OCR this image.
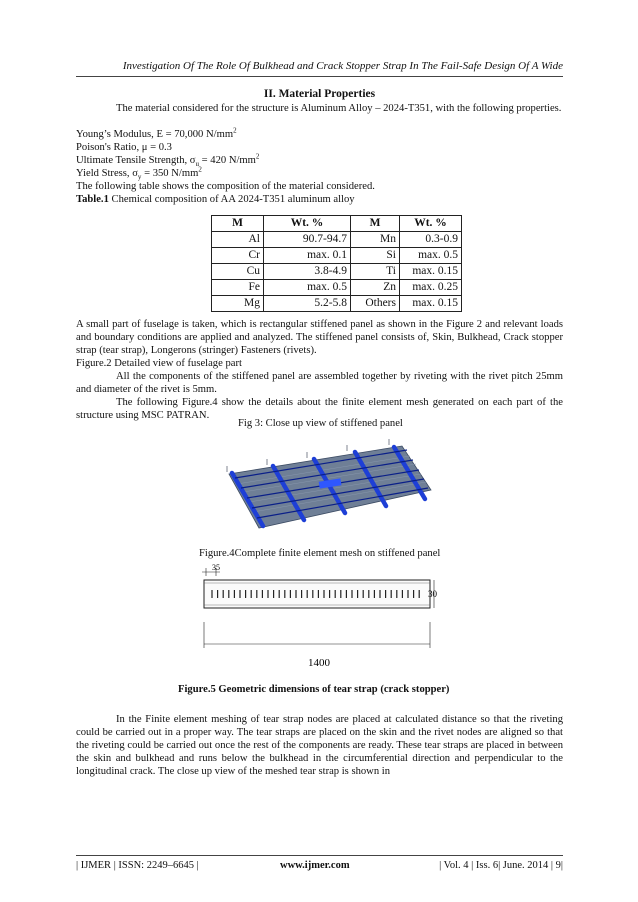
Investigation Of The Role Of Bulkhead and Crack Stopper Strap In The Fail-Safe Design Of A Wide
II. Material Properties
The material considered for the structure is Aluminum Alloy – 2024-T351, with the following properties.
Young’s Modulus, E = 70,000 $N/mm^2$
Poison's Ratio, μ = 0.3
Ultimate Tensile Strength, $\sigma_u = 420$ $N/mm^2$
Yield Stress, $\sigma_y = 350$ $N/mm^2$
The following table shows the composition of the material considered.
Table.1 Chemical composition of AA 2024-T351 aluminum alloy
M	Wt. %	M	Wt. %
Al	90.7-94.7	Mn	0.3-0.9
Cr	max. 0.1	Si	max. 0.5
Cu	3.8-4.9	Ti	max. 0.15
Fe	max. 0.5	Zn	max. 0.25
Mg	5.2-5.8	Others	max. 0.15
A small part of fuselage is taken, which is rectangular stiffened panel as shown in the Figure 2 and relevant loads and boundary conditions are applied and analyzed. The stiffened panel consists of, Skin, Bulkhead, Crack stopper strap (tear strap), Longerons (stringer) Fasteners (rivets).
Figure.2 Detailed view of fuselage part
All the components of the stiffened panel are assembled together by riveting with the rivet pitch 25mm and diameter of the rivet is 5mm.
The following Figure.4 show the details about the finite element mesh generated on each part of the structure using MSC PATRAN.
Fig 3: Close up view of stiffened panel
Figure.4Complete finite element mesh on stiffened panel
35
30
1400
Figure.5 Geometric dimensions of tear strap (crack stopper)
In the Finite element meshing of tear strap nodes are placed at calculated distance so that the riveting could be carried out in a proper way. The tear straps are placed on the skin and the rivet nodes are aligned so that the riveting could be carried out once the rest of the components are ready. These tear straps are placed in between the skin and bulkhead and runs below the bulkhead in the circumferential direction and perpendicular to the longitudinal crack. The close up view of the meshed tear strap is shown in
| IJMER | ISSN: 2249–6645 |	www.ijmer.com	| Vol. 4 | Iss. 6| June. 2014 | 9|
